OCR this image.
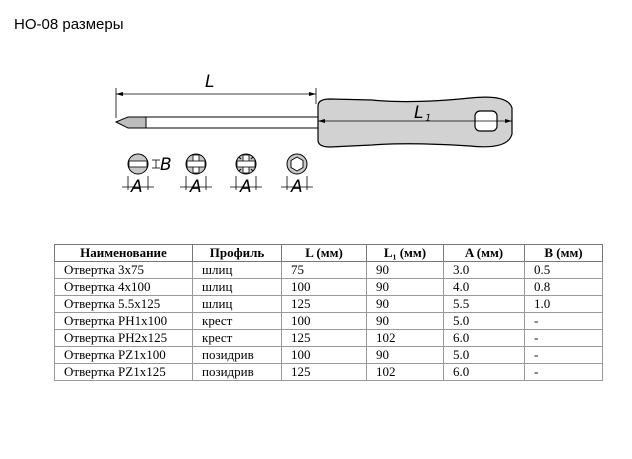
НО-08 размеры
L
L 1
B
A	A A A
Наименование	Профиль	L (мм)	L₁ (мм)	A (мм)	B (мм)
Отвертка 3x75	шлиц	75	90	3.0	0.5
Отвертка 4x100	шлиц	100	90	4.0	0.8
Отвертка 5.5x125	шлиц	125	90	5.5	1.0
Отвертка PH1x100	крест	100	90	5.0	-
Отвертка PH2x125	крест	125	102	6.0	-
Отвертка PZ1x100	позидрив	100	90	5.0	-
Отвертка PZ1x125	позидрив	125	102	6.0	-
